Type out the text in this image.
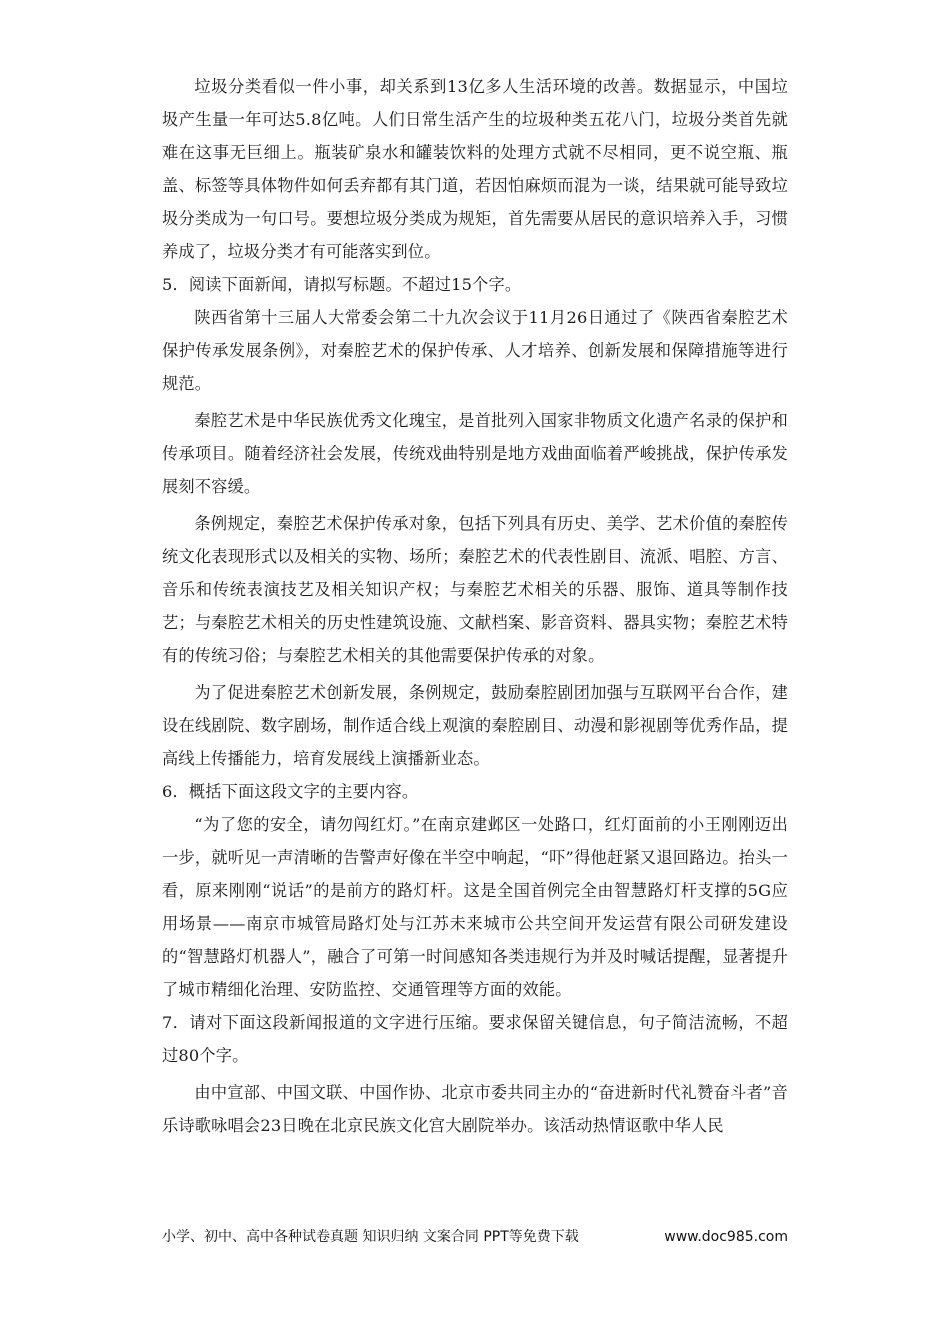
垃圾分类看似一件小事，却关系到13亿多人生活环境的改善。数据显示，中国垃圾产生量一年可达5.8亿吨。人们日常生活产生的垃圾种类五花八门，垃圾分类首先就难在这事无巨细上。瓶装矿泉水和罐装饮料的处理方式就不尽相同，更不说空瓶、瓶盖、标签等具体物件如何丢弃都有其门道，若因怕麻烦而混为一谈，结果就可能导致垃圾分类成为一句口号。要想垃圾分类成为规矩，首先需要从居民的意识培养入手，习惯养成了，垃圾分类才有可能落实到位。

5．阅读下面新闻，请拟写标题。不超过15个字。

陕西省第十三届人大常委会第二十九次会议于11月26日通过了《陕西省秦腔艺术保护传承发展条例》，对秦腔艺术的保护传承、人才培养、创新发展和保障措施等进行规范。

秦腔艺术是中华民族优秀文化瑰宝，是首批列入国家非物质文化遗产名录的保护和传承项目。随着经济社会发展，传统戏曲特别是地方戏曲面临着严峻挑战，保护传承发展刻不容缓。

条例规定，秦腔艺术保护传承对象，包括下列具有历史、美学、艺术价值的秦腔传统文化表现形式以及相关的实物、场所；秦腔艺术的代表性剧目、流派、唱腔、方言、音乐和传统表演技艺及相关知识产权；与秦腔艺术相关的乐器、服饰、道具等制作技艺；与秦腔艺术相关的历史性建筑设施、文献档案、影音资料、器具实物；秦腔艺术特有的传统习俗；与秦腔艺术相关的其他需要保护传承的对象。

为了促进秦腔艺术创新发展，条例规定，鼓励秦腔剧团加强与互联网平台合作，建设在线剧院、数字剧场，制作适合线上观演的秦腔剧目、动漫和影视剧等优秀作品，提高线上传播能力，培育发展线上演播新业态。

6．概括下面这段文字的主要内容。

“为了您的安全，请勿闯红灯。”在南京建邺区一处路口，红灯面前的小王刚刚迈出一步，就听见一声清晰的告警声好像在半空中响起，“吓”得他赶紧又退回路边。抬头一看，原来刚刚“说话”的是前方的路灯杆。这是全国首例完全由智慧路灯杆支撑的5G应用场景——南京市城管局路灯处与江苏未来城市公共空间开发运营有限公司研发建设的“智慧路灯机器人”，融合了可第一时间感知各类违规行为并及时喊话提醒，显著提升了城市精细化治理、安防监控、交通管理等方面的效能。

7．请对下面这段新闻报道的文字进行压缩。要求保留关键信息，句子简洁流畅，不超过80个字。

由中宣部、中国文联、中国作协、北京市委共同主办的“奋进新时代礼赞奋斗者”音乐诗歌咏唱会23日晚在北京民族文化宫大剧院举办。该活动热情讴歌中华人民

小学、初中、高中各种试卷真题 知识归纳 文案合同 PPT等免费下载	www.doc985.com
